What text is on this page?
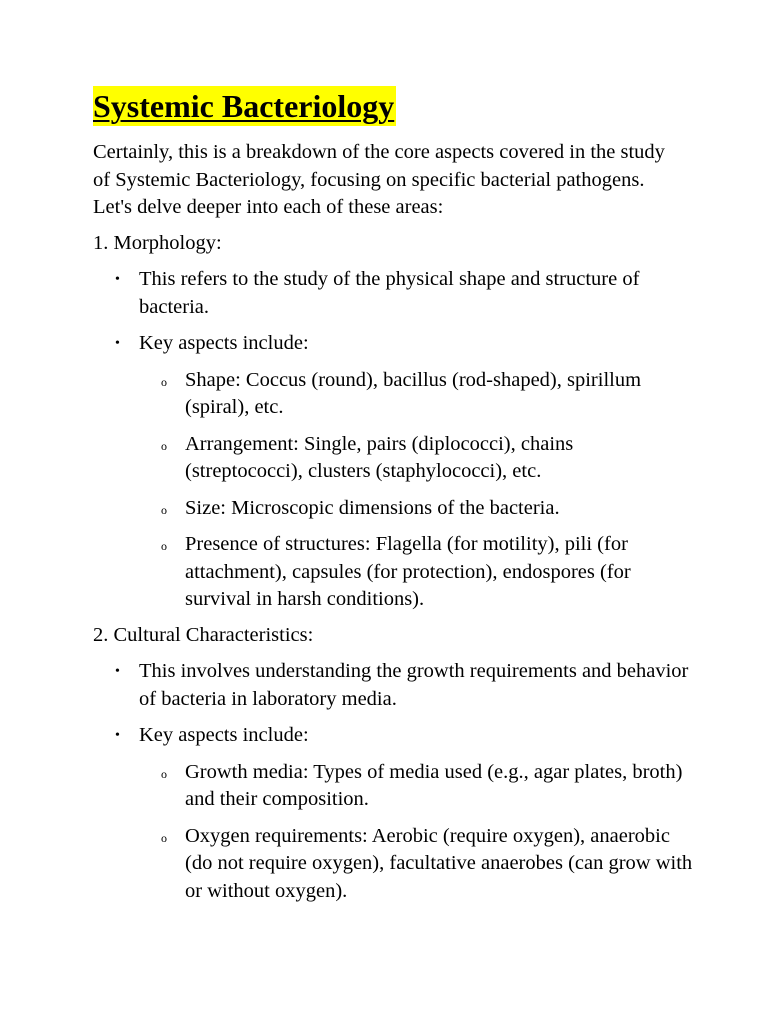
Systemic Bacteriology

Certainly, this is a breakdown of the core aspects covered in the study of Systemic Bacteriology, focusing on specific bacterial pathogens. Let's delve deeper into each of these areas:

1. Morphology:

• This refers to the study of the physical shape and structure of bacteria.
• Key aspects include:
o Shape: Coccus (round), bacillus (rod-shaped), spirillum (spiral), etc.
o Arrangement: Single, pairs (diplococci), chains (streptococci), clusters (staphylococci), etc.
o Size: Microscopic dimensions of the bacteria.
o Presence of structures: Flagella (for motility), pili (for attachment), capsules (for protection), endospores (for survival in harsh conditions).

2. Cultural Characteristics:

• This involves understanding the growth requirements and behavior of bacteria in laboratory media.
• Key aspects include:
o Growth media: Types of media used (e.g., agar plates, broth) and their composition.
o Oxygen requirements: Aerobic (require oxygen), anaerobic (do not require oxygen), facultative anaerobes (can grow with or without oxygen).
